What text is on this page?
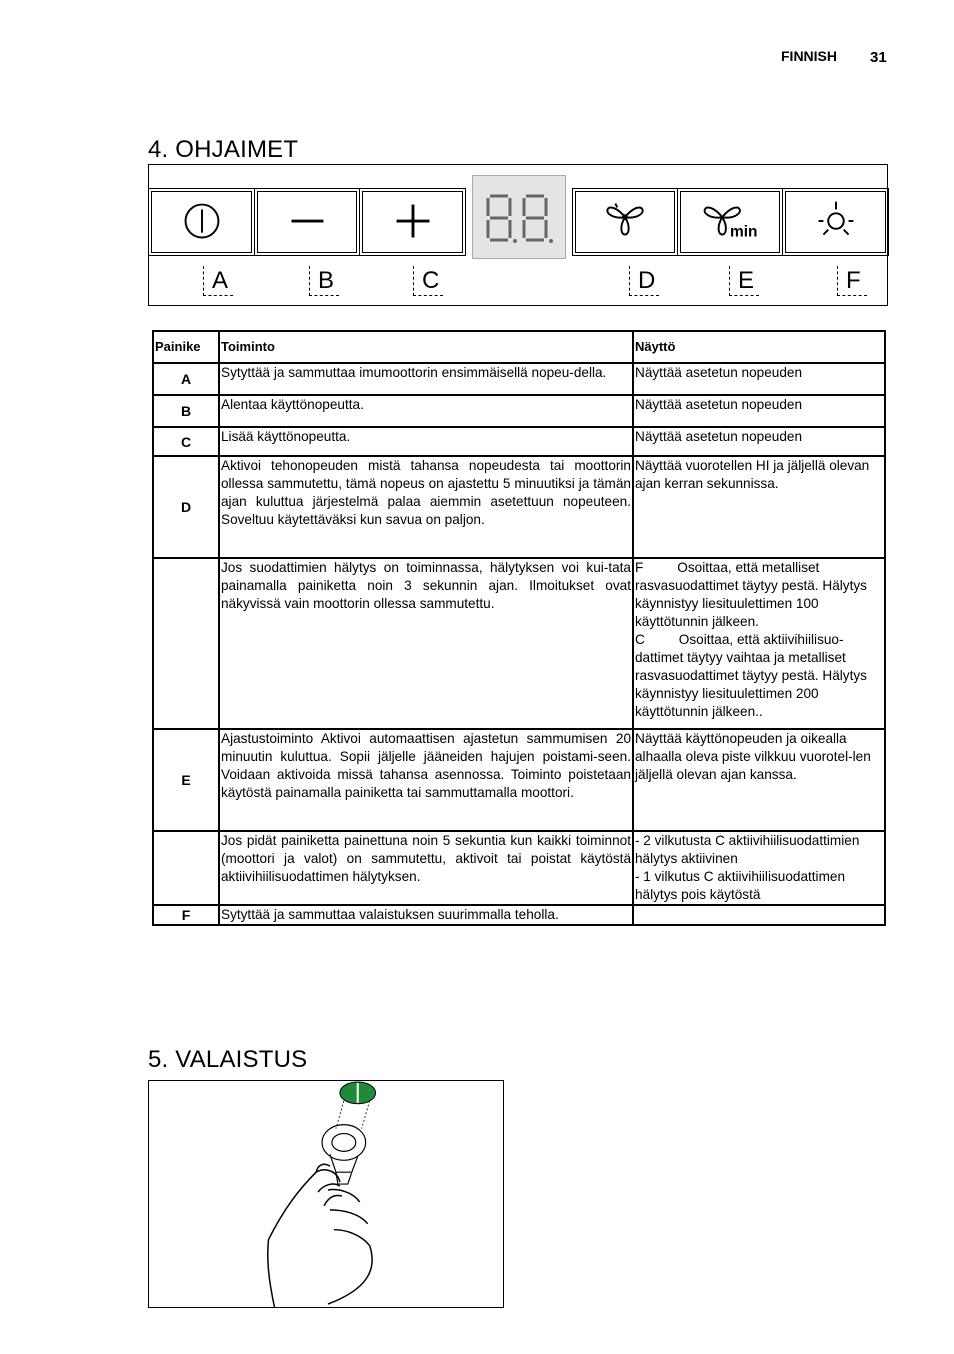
FINNISH 31
4. OHJAIMET
min
A	B	C	D	E	F
Painike	Toiminto	Näyttö
A	Sytyttää ja sammuttaa imumoottorin ensimmäisellä nopeu-della.	Näyttää asetetun nopeuden
B	Alentaa käyttönopeutta.	Näyttää asetetun nopeuden
C	Lisää käyttönopeutta.	Näyttää asetetun nopeuden
D	Aktivoi tehonopeuden mistä tahansa nopeudesta tai moottorin ollessa sammutettu, tämä nopeus on ajastettu 5 minuutiksi ja tämän ajan kuluttua järjestelmä palaa aiemmin asetettuun nopeuteen. Soveltuu käytettäväksi kun savua on paljon.	Näyttää vuorotellen HI ja jäljellä olevan ajan kerran sekunnissa.
	Jos suodattimien hälytys on toiminnassa, hälytyksen voi kui-tata painamalla painiketta noin 3 sekunnin ajan. Ilmoitukset ovat näkyvissä vain moottorin ollessa sammutettu.	F         Osoittaa, että metalliset rasvasuodattimet täytyy pestä. Hälytys käynnistyy liesituulettimen 100 käyttötunnin jälkeen.
C         Osoittaa, että aktiivihiilisuo-dattimet täytyy vaihtaa ja metalliset rasvasuodattimet täytyy pestä. Hälytys käynnistyy liesituulettimen 200 käyttötunnin jälkeen..
E	Ajastustoiminto Aktivoi automaattisen ajastetun sammumisen 20 minuutin kuluttua. Sopii jäljelle jääneiden hajujen poistami-seen. Voidaan aktivoida missä tahansa asennossa. Toiminto poistetaan käytöstä painamalla painiketta tai sammuttamalla moottori.	Näyttää käyttönopeuden ja oikealla alhaalla oleva piste vilkkuu vuorotel-len jäljellä olevan ajan kanssa.
	Jos pidät painiketta painettuna noin 5 sekuntia kun kaikki toiminnot (moottori ja valot) on sammutettu, aktivoit tai poistat käytöstä aktiivihiilisuodattimen hälytyksen.	- 2 vilkutusta C aktiivihiilisuodattimien hälytys aktiivinen
- 1 vilkutus C aktiivihiilisuodattimen hälytys pois käytöstä
F	Sytyttää ja sammuttaa valaistuksen suurimmalla teholla.	
5. VALAISTUS
